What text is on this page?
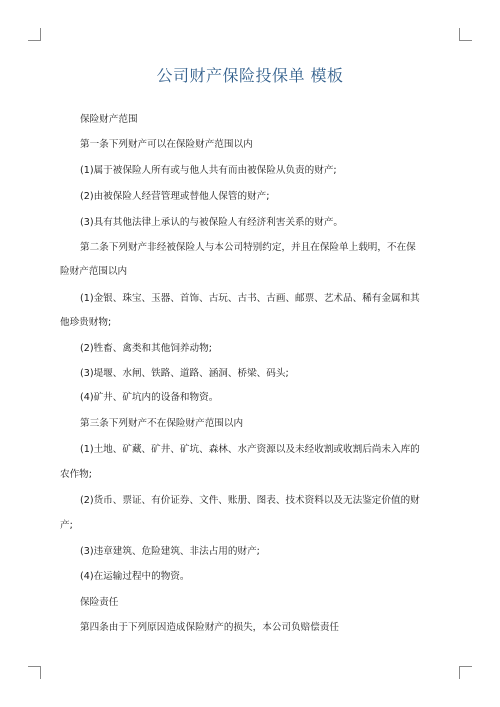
公司财产保险投保单 模板
保险财产范围
第一条下列财产可以在保险财产范围以内
(1)属于被保险人所有或与他人共有而由被保险从负责的财产;
(2)由被保险人经营管理或替他人保管的财产;
(3)具有其他法律上承认的与被保险人有经济利害关系的财产。
第二条下列财产非经被保险人与本公司特别约定，并且在保险单上载明，不在保
险财产范围以内
(1)金银、珠宝、玉器、首饰、古玩、古书、古画、邮票、艺术品、稀有金属和其
他珍贵财物;
(2)牲畜、禽类和其他饲养动物;
(3)堤堰、水闸、铁路、道路、涵洞、桥梁、码头;
(4)矿井、矿坑内的设备和物资。
第三条下列财产不在保险财产范围以内
(1)土地、矿藏、矿井、矿坑、森林、水产资源以及未经收割或收割后尚未入库的
农作物;
(2)货币、票证、有价证券、文件、账册、图表、技术资料以及无法鉴定价值的财
产;
(3)违章建筑、危险建筑、非法占用的财产;
(4)在运输过程中的物资。
保险责任
第四条由于下列原因造成保险财产的损失，本公司负赔偿责任
